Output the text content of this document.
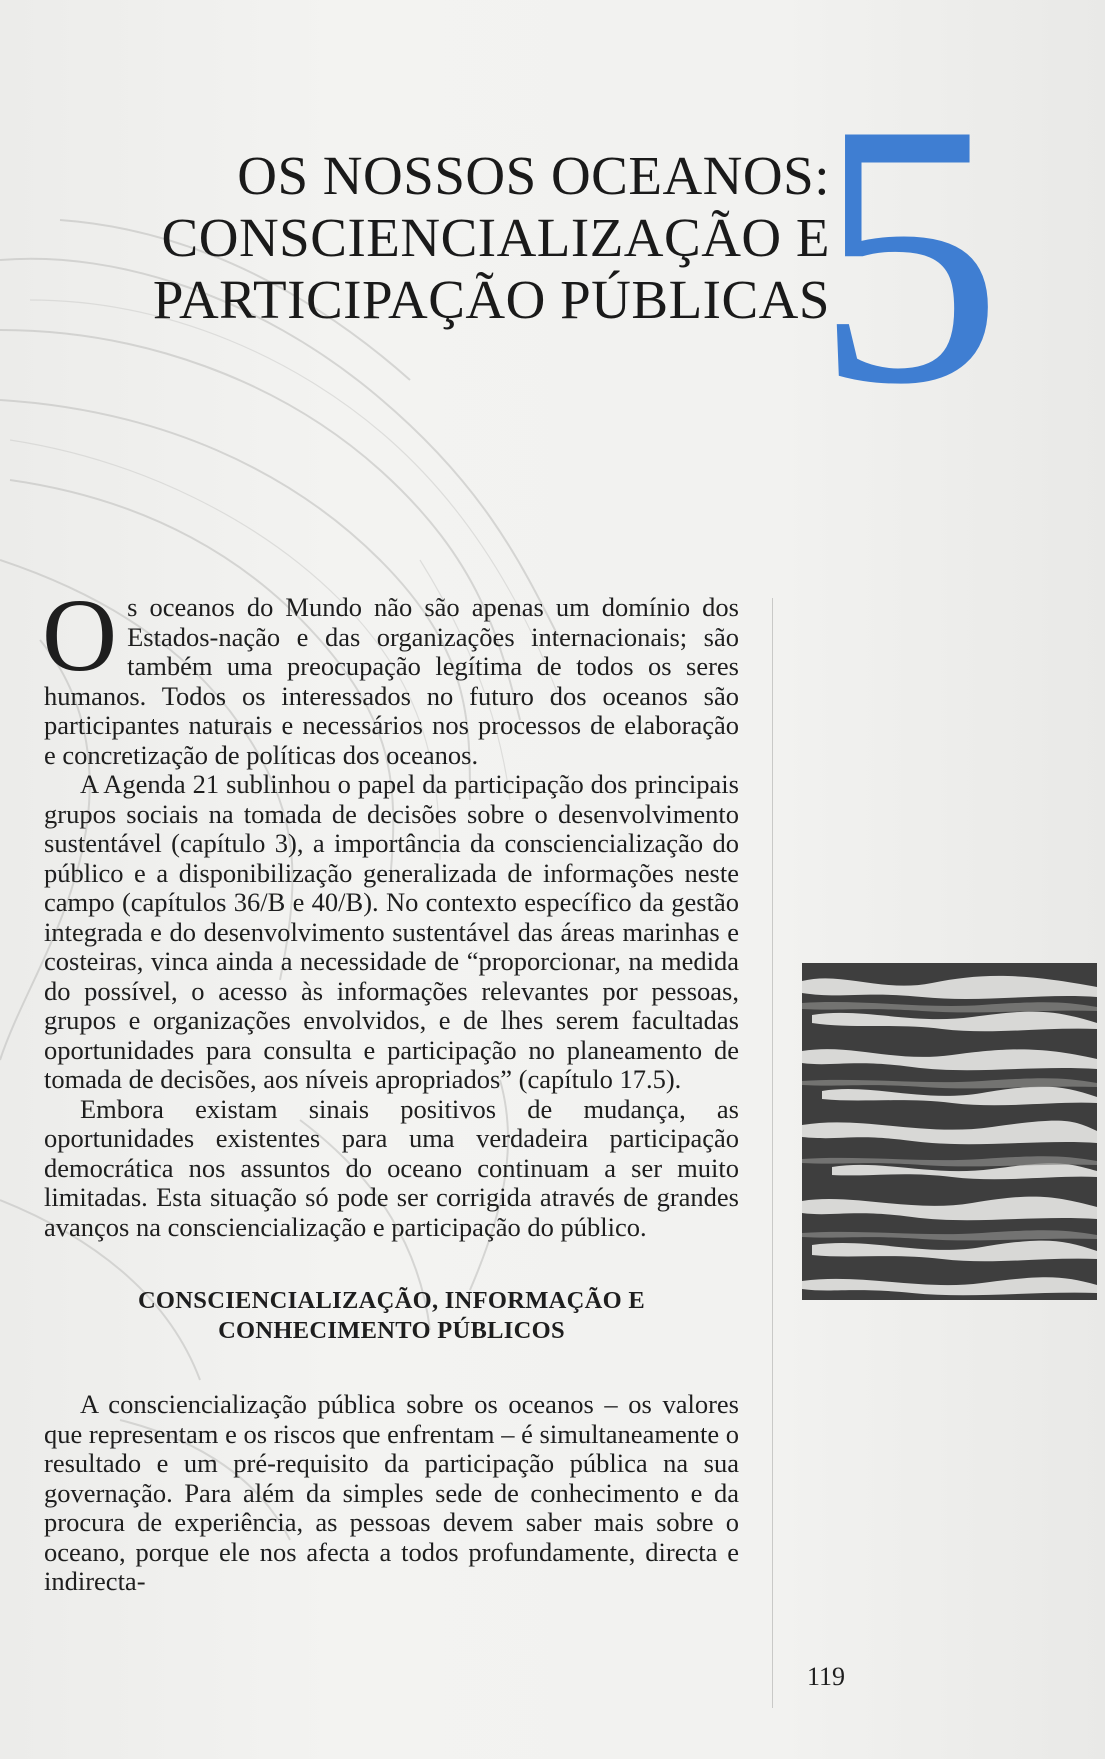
OS NOSSOS OCEANOS:
CONSCIENCIALIZAÇÃO E
PARTICIPAÇÃO PÚBLICAS
5

Os oceanos do Mundo não são apenas um domínio dos Estados-nação e das organizações internacionais; são também uma preocupação legítima de todos os seres humanos. Todos os interessados no futuro dos oceanos são participantes naturais e necessários nos processos de elaboração e concretização de políticas dos oceanos.

A Agenda 21 sublinhou o papel da participação dos principais grupos sociais na tomada de decisões sobre o desenvolvimento sustentável (capítulo 3), a importância da consciencialização do público e a disponibilização generalizada de informações neste campo (capítulos 36/B e 40/B). No contexto específico da gestão integrada e do desenvolvimento sustentável das áreas marinhas e costeiras, vinca ainda a necessidade de “proporcionar, na medida do possível, o acesso às informações relevantes por pessoas, grupos e organizações envolvidos, e de lhes serem facultadas oportunidades para consulta e participação no planeamento de tomada de decisões, aos níveis apropriados” (capítulo 17.5).

Embora existam sinais positivos de mudança, as oportunidades existentes para uma verdadeira participação democrática nos assuntos do oceano continuam a ser muito limitadas. Esta situação só pode ser corrigida através de grandes avanços na consciencialização e participação do público.

CONSCIENCIALIZAÇÃO, INFORMAÇÃO E
CONHECIMENTO PÚBLICOS

A consciencialização pública sobre os oceanos – os valores que representam e os riscos que enfrentam – é simultaneamente o resultado e um pré-requisito da participação pública na sua governação. Para além da simples sede de conhecimento e da procura de experiência, as pessoas devem saber mais sobre o oceano, porque ele nos afecta a todos profundamente, directa e indirecta-

119
